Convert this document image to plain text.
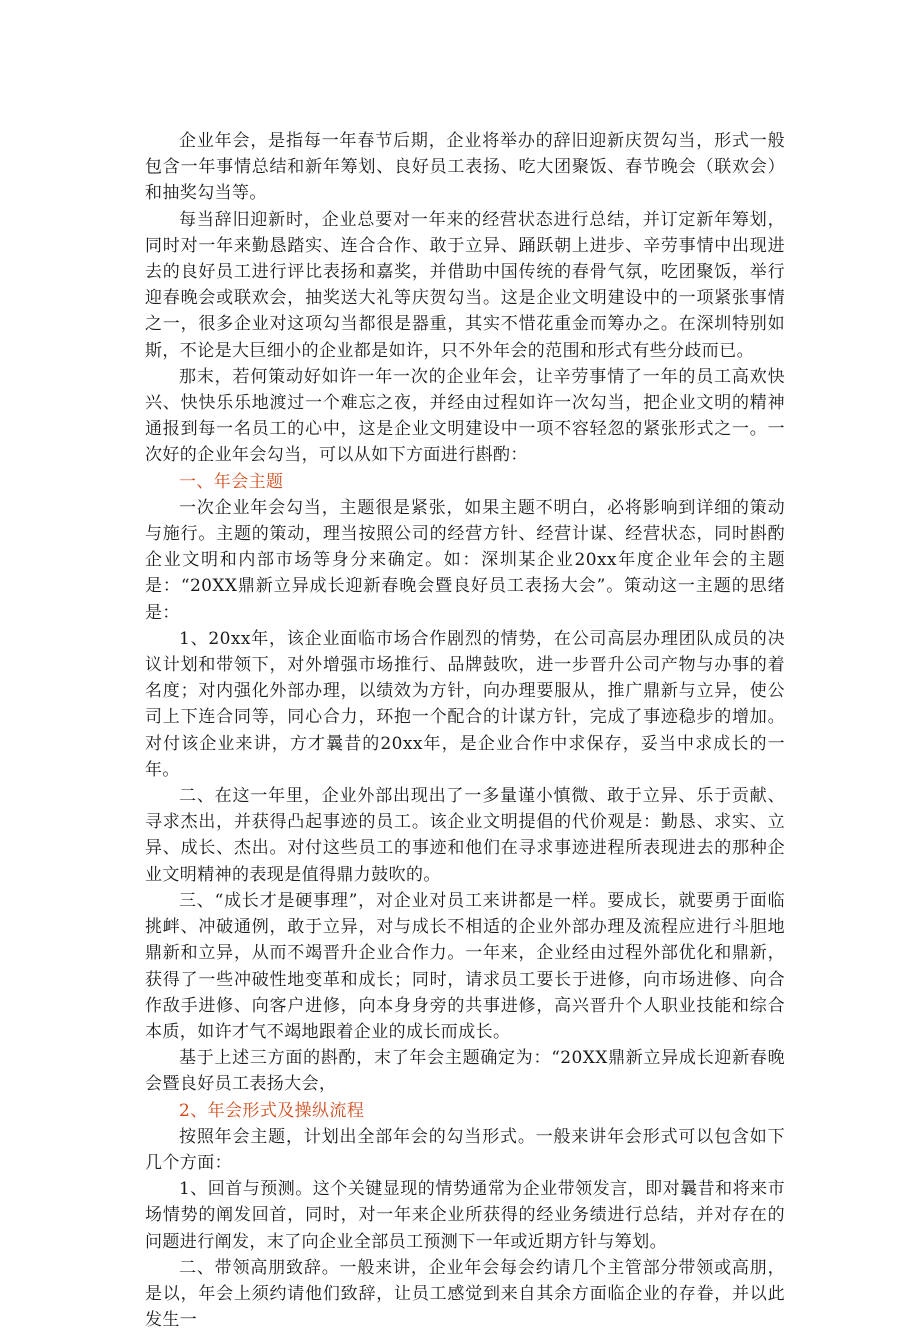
企业年会，是指每一年春节后期，企业将举办的辞旧迎新庆贺勾当，形式一般包含一年事情总结和新年筹划、良好员工表扬、吃大团聚饭、春节晚会（联欢会）和抽奖勾当等。

每当辞旧迎新时，企业总要对一年来的经营状态进行总结，并订定新年筹划，同时对一年来勤恳踏实、连合合作、敢于立异、踊跃朝上进步、辛劳事情中出现进去的良好员工进行评比表扬和嘉奖，并借助中国传统的春骨气氛，吃团聚饭，举行迎春晚会或联欢会，抽奖送大礼等庆贺勾当。这是企业文明建设中的一项紧张事情之一，很多企业对这项勾当都很是器重，其实不惜花重金而筹办之。在深圳特别如斯，不论是大巨细小的企业都是如许，只不外年会的范围和形式有些分歧而已。

那末，若何策动好如许一年一次的企业年会，让辛劳事情了一年的员工高欢快兴、快快乐乐地渡过一个难忘之夜，并经由过程如许一次勾当，把企业文明的精神通报到每一名员工的心中，这是企业文明建设中一项不容轻忽的紧张形式之一。一次好的企业年会勾当，可以从如下方面进行斟酌：

一、年会主题

一次企业年会勾当，主题很是紧张，如果主题不明白，必将影响到详细的策动与施行。主题的策动，理当按照公司的经营方针、经营计谋、经营状态，同时斟酌企业文明和内部市场等身分来确定。如：深圳某企业20xx年度企业年会的主题是：“20XX鼎新立异成长迎新春晚会暨良好员工表扬大会”。策动这一主题的思绪是：

1、20xx年，该企业面临市场合作剧烈的情势，在公司高层办理团队成员的决议计划和带领下，对外增强市场推行、品牌鼓吹，进一步晋升公司产物与办事的着名度；对内强化外部办理，以绩效为方针，向办理要服从，推广鼎新与立异，使公司上下连合同等，同心合力，环抱一个配合的计谋方针，完成了事迹稳步的增加。对付该企业来讲，方才曩昔的20xx年，是企业合作中求保存，妥当中求成长的一年。

二、在这一年里，企业外部出现出了一多量谨小慎微、敢于立异、乐于贡献、寻求杰出，并获得凸起事迹的员工。该企业文明提倡的代价观是：勤恳、求实、立异、成长、杰出。对付这些员工的事迹和他们在寻求事迹进程所表现进去的那种企业文明精神的表现是值得鼎力鼓吹的。

三、“成长才是硬事理”，对企业对员工来讲都是一样。要成长，就要勇于面临挑衅、冲破通例，敢于立异，对与成长不相适的企业外部办理及流程应进行斗胆地鼎新和立异，从而不竭晋升企业合作力。一年来，企业经由过程外部优化和鼎新，获得了一些冲破性地变革和成长；同时，请求员工要长于进修，向市场进修、向合作敌手进修、向客户进修，向本身身旁的共事进修，高兴晋升个人职业技能和综合本质，如许才气不竭地跟着企业的成长而成长。

基于上述三方面的斟酌，末了年会主题确定为：“20XX鼎新立异成长迎新春晚会暨良好员工表扬大会，

2、年会形式及操纵流程

按照年会主题，计划出全部年会的勾当形式。一般来讲年会形式可以包含如下几个方面：

1、回首与预测。这个关键显现的情势通常为企业带领发言，即对曩昔和将来市场情势的阐发回首，同时，对一年来企业所获得的经业务绩进行总结，并对存在的问题进行阐发，末了向企业全部员工预测下一年或近期方针与筹划。

二、带领高朋致辞。一般来讲，企业年会每会约请几个主管部分带领或高朋，是以，年会上须约请他们致辞，让员工感觉到来自其余方面临企业的存眷，并以此发生一
